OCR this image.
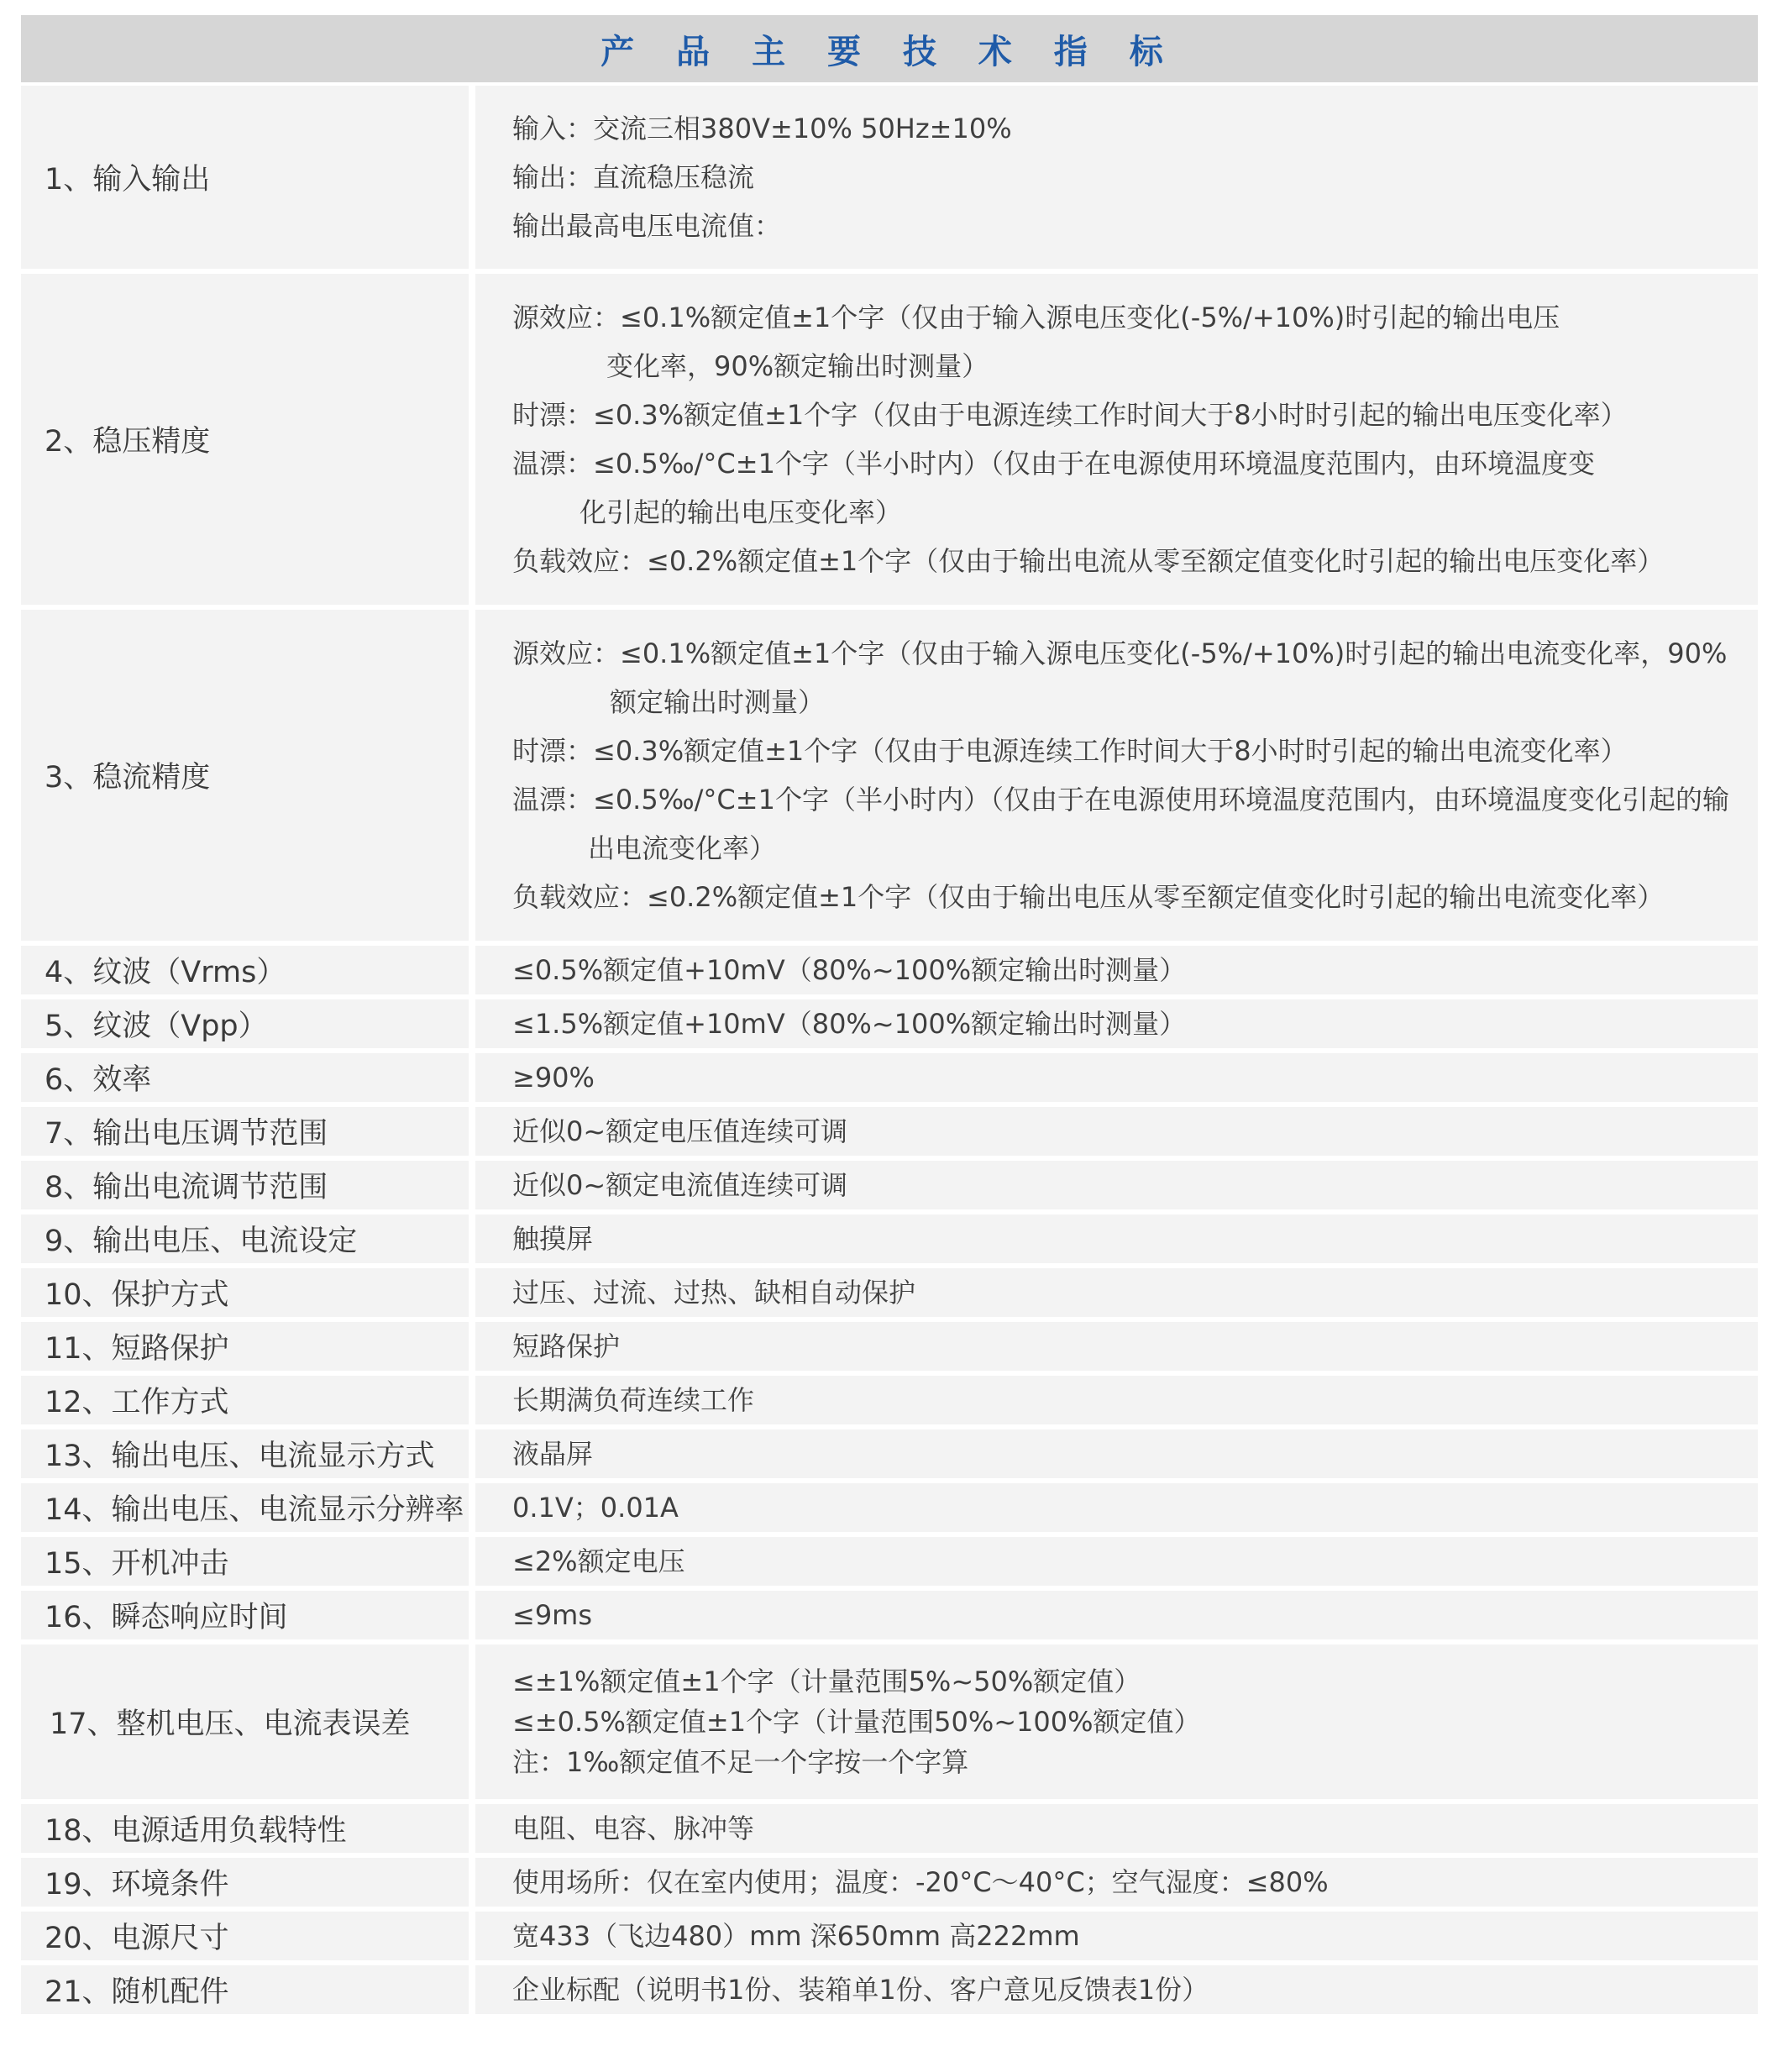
产 品 主 要 技 术 指 标
1、输入输出
输入：交流三相380V±10% 50Hz±10%
输出：直流稳压稳流
输出最高电压电流值：
2、稳压精度
源效应：≤0.1%额定值±1个字（仅由于输入源电压变化(-5%/+10%)时引起的输出电压
变化率，90%额定输出时测量）
时漂：≤0.3%额定值±1个字（仅由于电源连续工作时间大于8小时时引起的输出电压变化率）
温漂：≤0.5‰/°C±1个字（半小时内）（仅由于在电源使用环境温度范围内，由环境温度变
化引起的输出电压变化率）
负载效应：≤0.2%额定值±1个字（仅由于输出电流从零至额定值变化时引起的输出电压变化率）
3、稳流精度
源效应：≤0.1%额定值±1个字（仅由于输入源电压变化(-5%/+10%)时引起的输出电流变化率，90%
额定输出时测量）
时漂：≤0.3%额定值±1个字（仅由于电源连续工作时间大于8小时时引起的输出电流变化率）
温漂：≤0.5‰/°C±1个字（半小时内）（仅由于在电源使用环境温度范围内，由环境温度变化引起的输
出电流变化率）
负载效应：≤0.2%额定值±1个字（仅由于输出电压从零至额定值变化时引起的输出电流变化率）
4、纹波（Vrms）	≤0.5%额定值+10mV（80%~100%额定输出时测量）
5、纹波（Vpp）	≤1.5%额定值+10mV（80%~100%额定输出时测量）
6、效率	≥90%
7、输出电压调节范围	近似0~额定电压值连续可调
8、输出电流调节范围	近似0~额定电流值连续可调
9、输出电压、电流设定	触摸屏
10、保护方式	过压、过流、过热、缺相自动保护
11、短路保护	短路保护
12、工作方式	长期满负荷连续工作
13、输出电压、电流显示方式	液晶屏
14、输出电压、电流显示分辨率 0.1V；0.01A
15、开机冲击	≤2%额定电压
16、瞬态响应时间	≤9ms
17、整机电压、电流表误差
≤±1%额定值±1个字（计量范围5%~50%额定值）
≤±0.5%额定值±1个字（计量范围50%~100%额定值）
注：1‰额定值不足一个字按一个字算
18、电源适用负载特性	电阻、电容、脉冲等
19、环境条件	使用场所：仅在室内使用；温度：-20°C～40°C；空气湿度：≤80%
20、电源尺寸	宽433（飞边480）mm 深650mm 高222mm
21、随机配件	企业标配（说明书1份、装箱单1份、客户意见反馈表1份）
